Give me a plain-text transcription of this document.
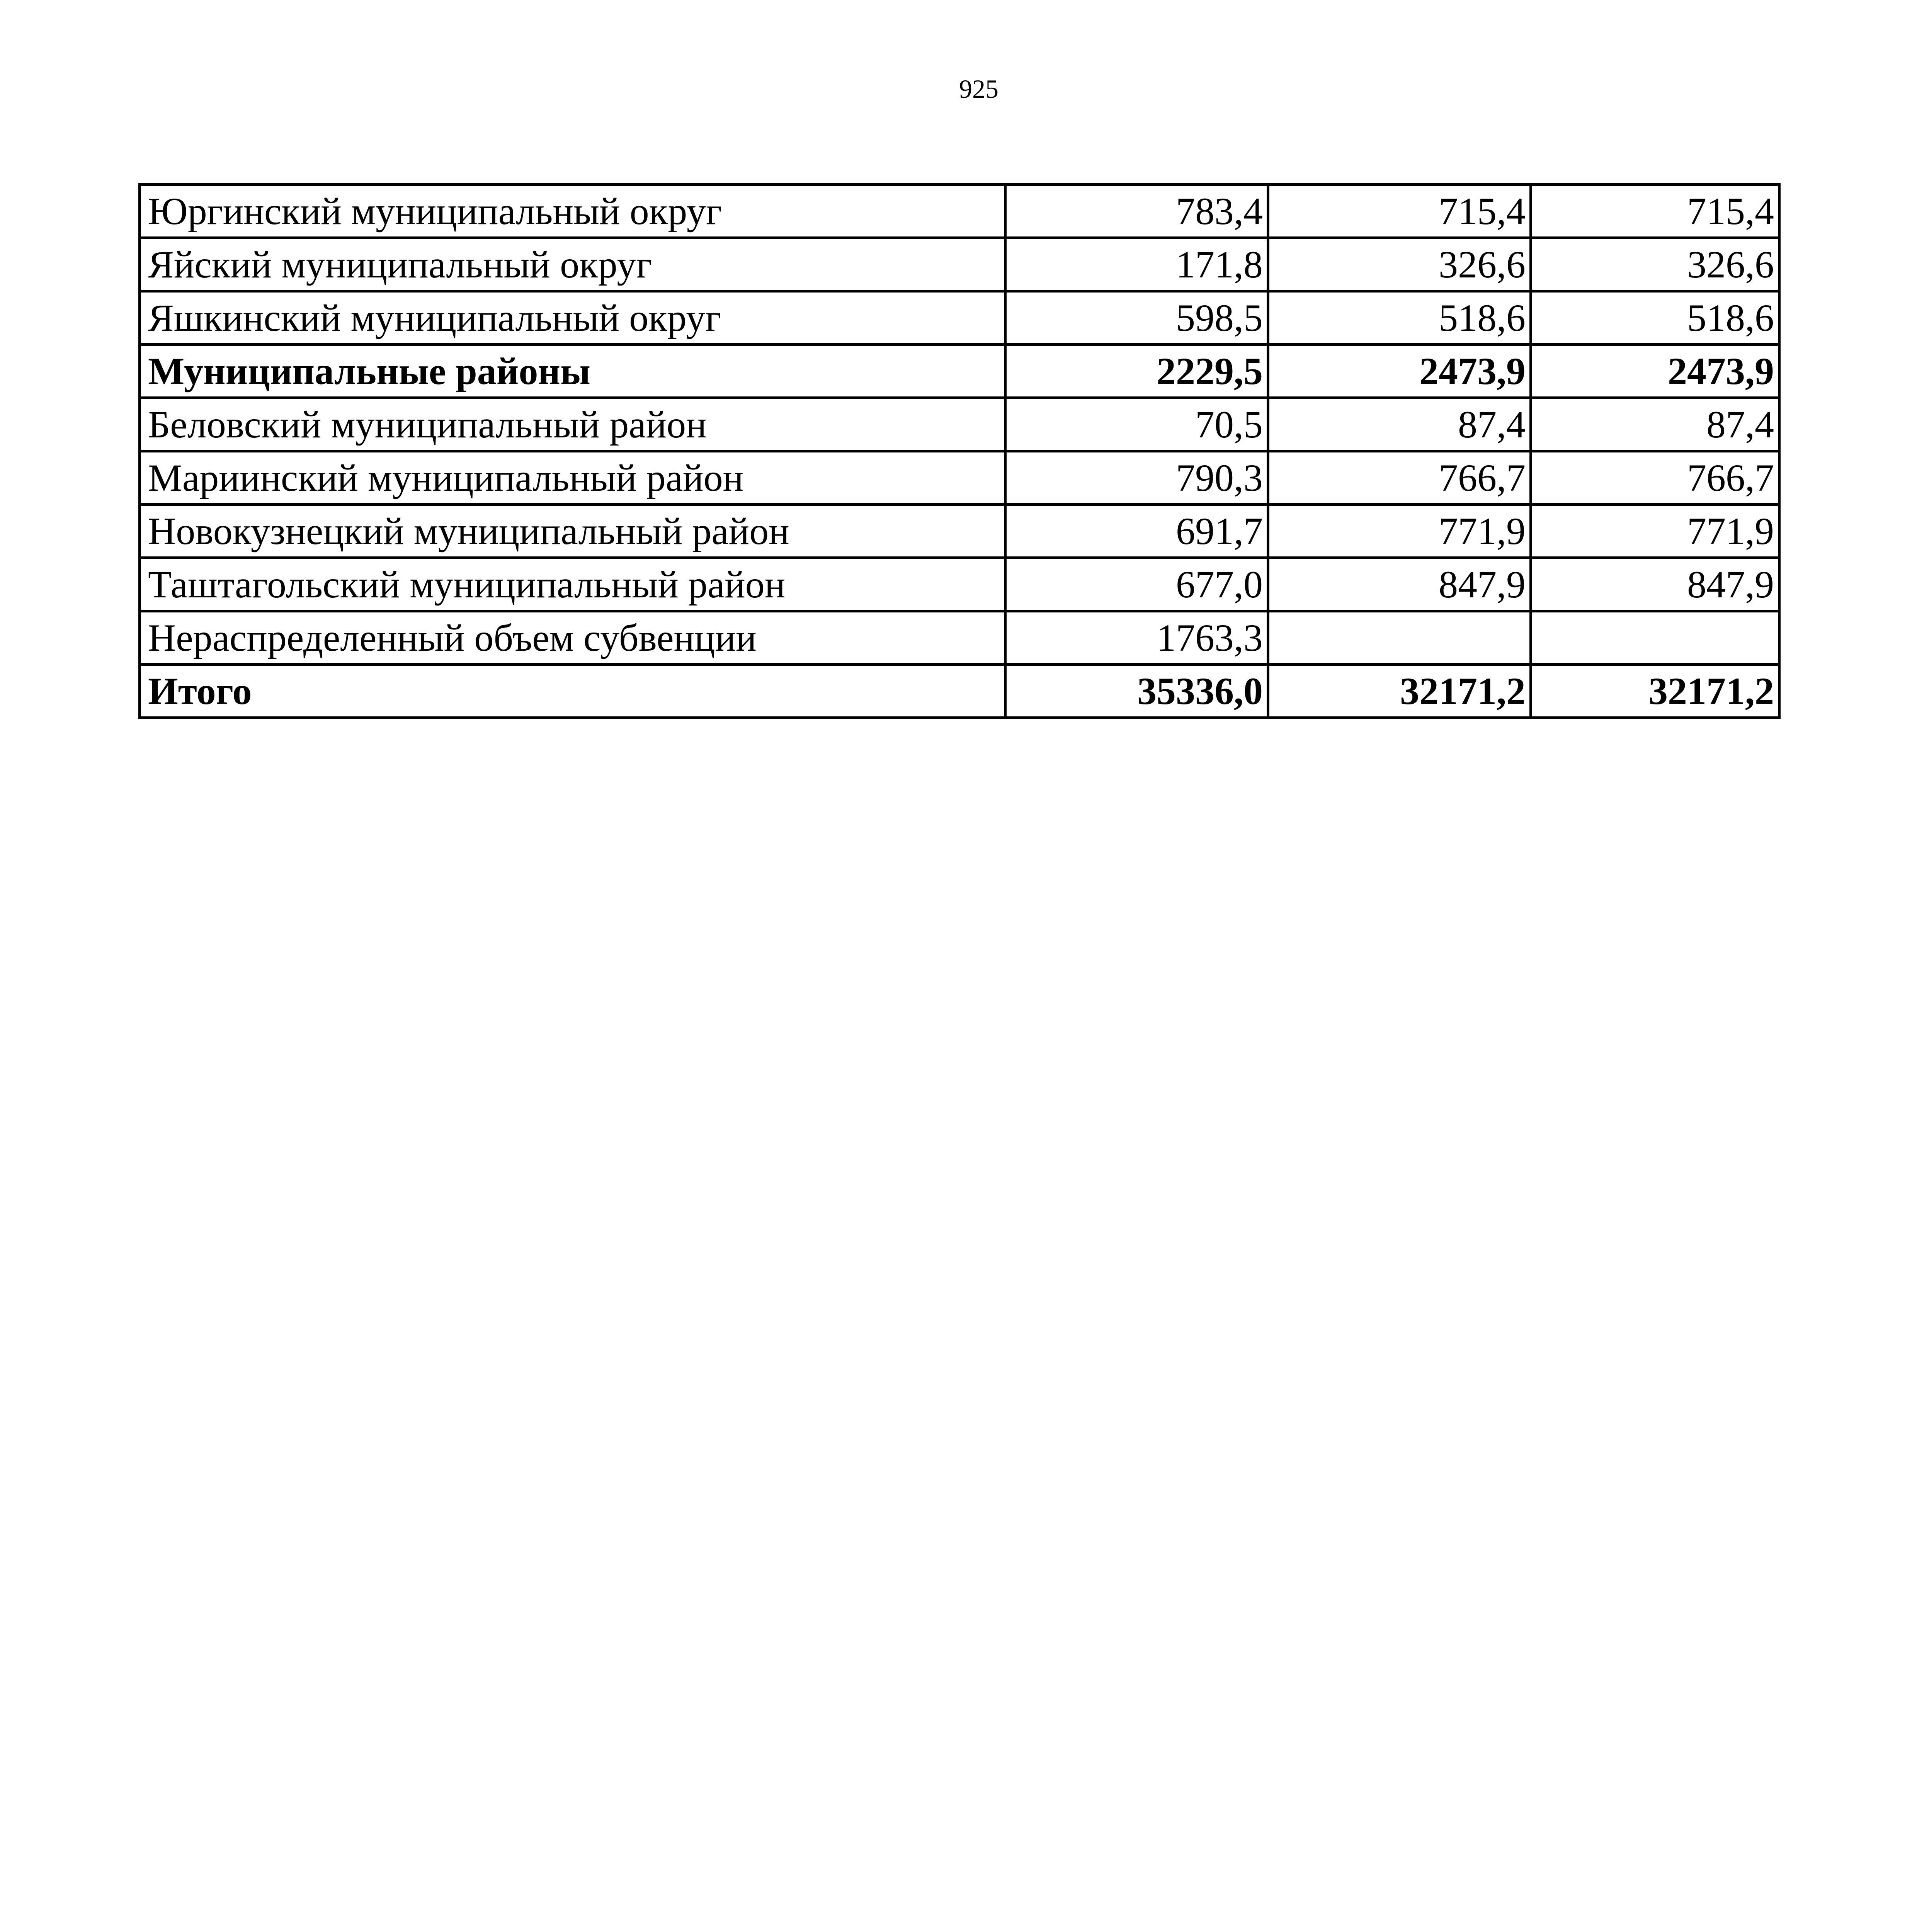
925
Юргинский муниципальный округ	783,4	715,4	715,4
Яйский муниципальный округ	171,8	326,6	326,6
Яшкинский муниципальный округ	598,5	518,6	518,6
Муниципальные районы	2229,5	2473,9	2473,9
Беловский муниципальный район	70,5	87,4	87,4
Мариинский муниципальный район	790,3	766,7	766,7
Новокузнецкий муниципальный район	691,7	771,9	771,9
Таштагольский муниципальный район	677,0	847,9	847,9
Нераспределенный объем субвенции	1763,3		
Итого	35336,0	32171,2	32171,2
